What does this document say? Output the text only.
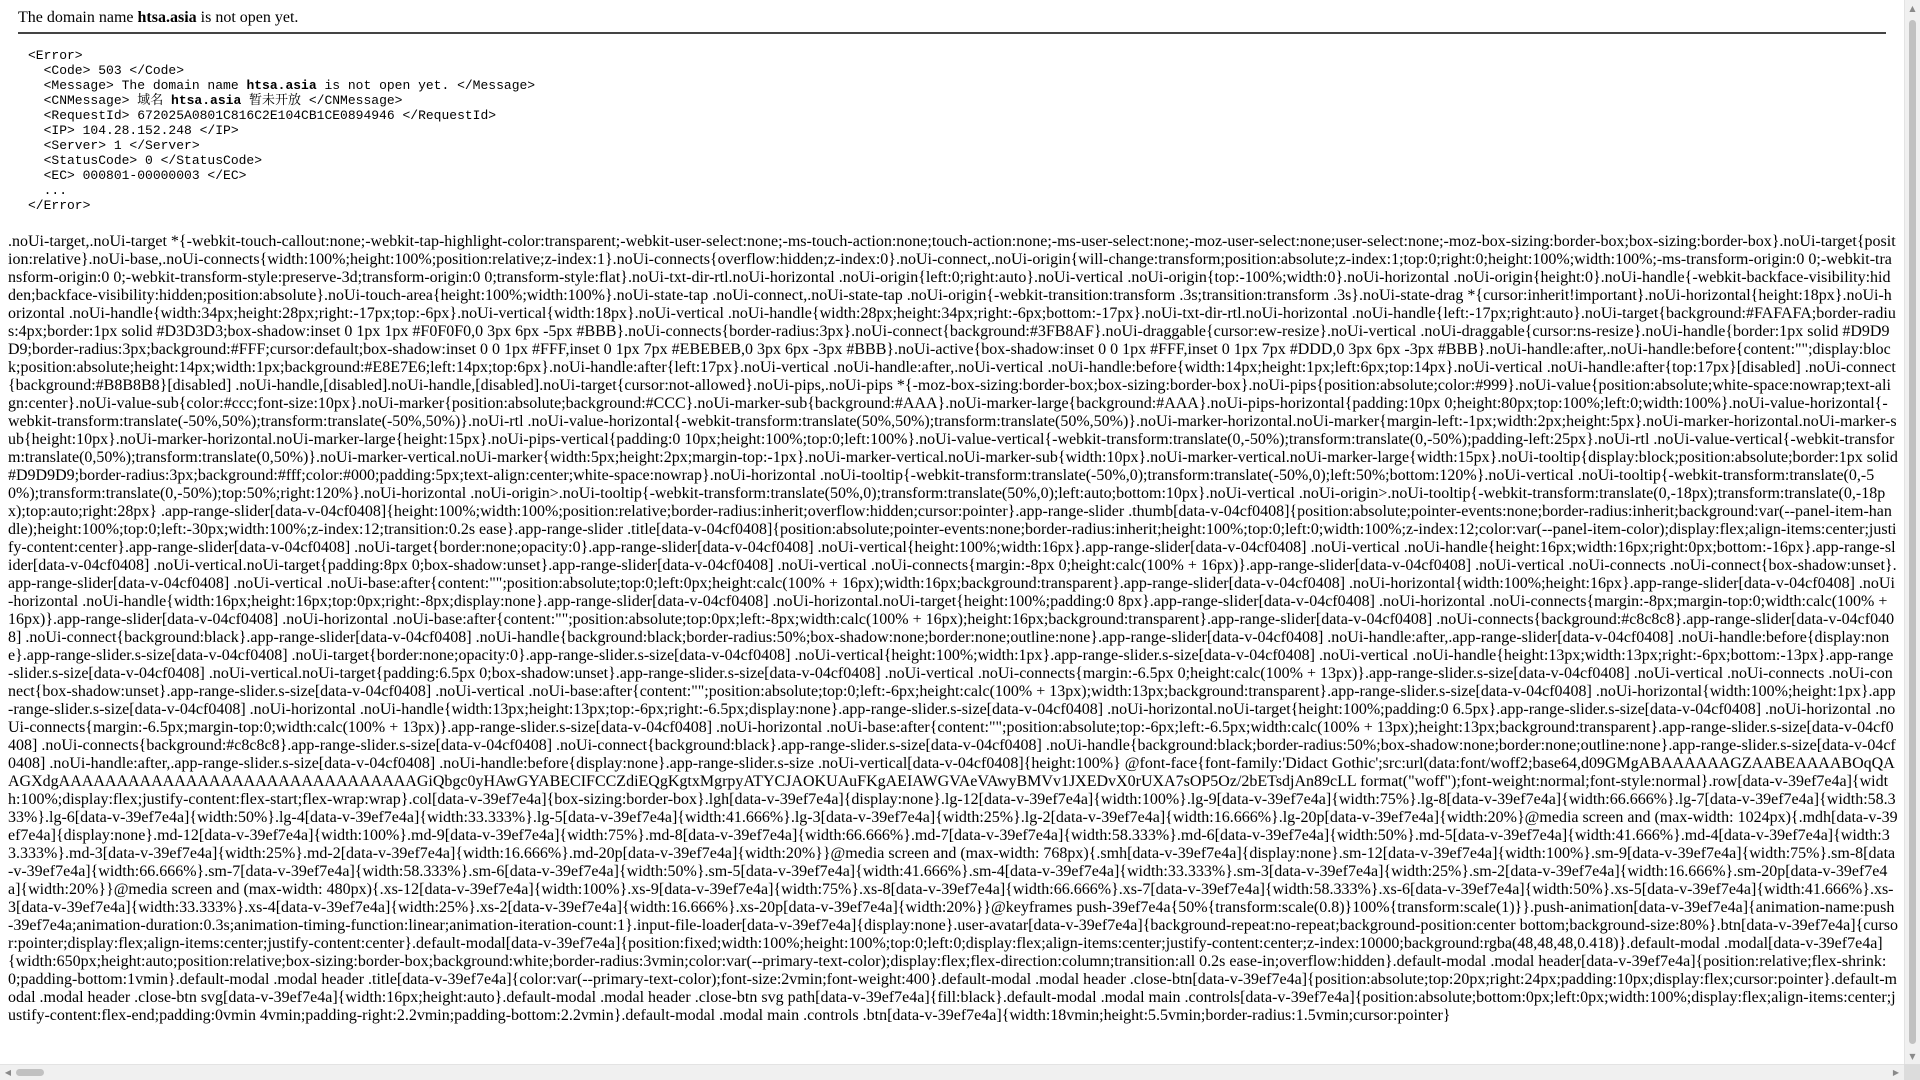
The domain name htsa.asia is not open yet.
<Error>
<Code> 503 </Code>
<Message> The domain name htsa.asia is not open yet. </Message>
<CNMessage> 域名 htsa.asia 暂未开放 </CNMessage>
<RequestId> 672025A0801C816C2E104CB1CE0894946 </RequestId>
<IP> 104.28.152.248 </IP>
<Server> 1 </Server>
<StatusCode> 0 </StatusCode>
<EC> 000801-00000003 </EC>
...
</Error>
.noUi-target,.noUi-target *{-webkit-touch-callout:none;-webkit-tap-highlight-color:transparent;-webkit-user-select:none;-ms-touch-action:none;touch-action:none;-ms-user-select:none;-moz-user-select:none;user-select:none;-moz-box-sizing:border-box;box-sizing:border-box}.noUi-target{position:relative}.noUi-base,.noUi-connects{width:100%;height:100%;position:relative;z-index:1}.noUi-connects{overflow:hidden;z-index:0}.noUi-connect,.noUi-origin{will-change:transform;position:absolute;z-index:1;top:0;right:0;height:100%;width:100%;-ms-transform-origin:0 0;-webkit-transform-origin:0 0;-webkit-transform-style:preserve-3d;transform-origin:0 0;transform-style:flat}.noUi-txt-dir-rtl.noUi-horizontal .noUi-origin{left:0;right:auto}.noUi-vertical .noUi-origin{top:-100%;width:0}.noUi-horizontal .noUi-origin{height:0}.noUi-handle{-webkit-backface-visibility:hidden;backface-visibility:hidden;position:absolute}.noUi-touch-area{height:100%;width:100%}.noUi-state-tap .noUi-connect,.noUi-state-tap .noUi-origin{-webkit-transition:transform .3s;transition:transform .3s}.noUi-state-drag *{cursor:inherit!important}.noUi-horizontal{height:18px}.noUi-horizontal .noUi-handle{width:34px;height:28px;right:-17px;top:-6px}.noUi-vertical{width:18px}.noUi-vertical .noUi-handle{width:28px;height:34px;right:-6px;bottom:-17px}.noUi-txt-dir-rtl.noUi-horizontal .noUi-handle{left:-17px;right:auto}.noUi-target{background:#FAFAFA;border-radius:4px;border:1px solid #D3D3D3;box-shadow:inset 0 1px 1px #F0F0F0,0 3px 6px -5px #BBB}.noUi-connects{border-radius:3px}.noUi-connect{background:#3FB8AF}.noUi-draggable{cursor:ew-resize}.noUi-vertical .noUi-draggable{cursor:ns-resize}.noUi-handle{border:1px solid #D9D9D9;border-radius:3px;background:#FFF;cursor:default;box-shadow:inset 0 0 1px #FFF,inset 0 1px 7px #EBEBEB,0 3px 6px -3px #BBB}.noUi-active{box-shadow:inset 0 0 1px #FFF,inset 0 1px 7px #DDD,0 3px 6px -3px #BBB}.noUi-handle:after,.noUi-handle:before{content:"";display:block;position:absolute;height:14px;width:1px;background:#E8E7E6;left:14px;top:6px}.noUi-handle:after{left:17px}.noUi-vertical .noUi-handle:after,.noUi-vertical .noUi-handle:before{width:14px;height:1px;left:6px;top:14px}.noUi-vertical .noUi-handle:after{top:17px}[disabled] .noUi-connect{background:#B8B8B8}[disabled] .noUi-handle,[disabled].noUi-handle,[disabled].noUi-target{cursor:not-allowed}.noUi-pips,.noUi-pips *{-moz-box-sizing:border-box;box-sizing:border-box}.noUi-pips{position:absolute;color:#999}.noUi-value{position:absolute;white-space:nowrap;text-align:center}.noUi-value-sub{color:#ccc;font-size:10px}.noUi-marker{position:absolute;background:#CCC}.noUi-marker-sub{background:#AAA}.noUi-marker-large{background:#AAA}.noUi-pips-horizontal{padding:10px 0;height:80px;top:100%;left:0;width:100%}.noUi-value-horizontal{-webkit-transform:translate(-50%,50%);transform:translate(-50%,50%)}.noUi-rtl .noUi-value-horizontal{-webkit-transform:translate(50%,50%);transform:translate(50%,50%)}.noUi-marker-horizontal.noUi-marker{margin-left:-1px;width:2px;height:5px}.noUi-marker-horizontal.noUi-marker-sub{height:10px}.noUi-marker-horizontal.noUi-marker-large{height:15px}.noUi-pips-vertical{padding:0 10px;height:100%;top:0;left:100%}.noUi-value-vertical{-webkit-transform:translate(0,-50%);transform:translate(0,-50%);padding-left:25px}.noUi-rtl .noUi-value-vertical{-webkit-transform:translate(0,50%);transform:translate(0,50%)}.noUi-marker-vertical.noUi-marker{width:5px;height:2px;margin-top:-1px}.noUi-marker-vertical.noUi-marker-sub{width:10px}.noUi-marker-vertical.noUi-marker-large{width:15px}.noUi-tooltip{display:block;position:absolute;border:1px solid #D9D9D9;border-radius:3px;background:#fff;color:#000;padding:5px;text-align:center;white-space:nowrap}.noUi-horizontal .noUi-tooltip{-webkit-transform:translate(-50%,0);transform:translate(-50%,0);left:50%;bottom:120%}.noUi-vertical .noUi-tooltip{-webkit-transform:translate(0,-50%);transform:translate(0,-50%);top:50%;right:120%}.noUi-horizontal .noUi-origin>.noUi-tooltip{-webkit-transform:translate(50%,0);transform:translate(50%,0);left:auto;bottom:10px}.noUi-vertical .noUi-origin>.noUi-tooltip{-webkit-transform:translate(0,-18px);transform:translate(0,-18px);top:auto;right:28px} .app-range-slider[data-v-04cf0408]{height:100%;width:100%;position:relative;border-radius:inherit;overflow:hidden;cursor:pointer}.app-range-slider .thumb[data-v-04cf0408]{position:absolute;pointer-events:none;border-radius:inherit;background:var(--panel-item-handle);height:100%;top:0;left:-30px;width:100%;z-index:12;transition:0.2s ease}.app-range-slider .title[data-v-04cf0408]{position:absolute;pointer-events:none;border-radius:inherit;height:100%;top:0;left:0;width:100%;z-index:12;color:var(--panel-item-color);display:flex;align-items:center;justify-content:center}.app-range-slider[data-v-04cf0408] .noUi-target{border:none;opacity:0}.app-range-slider[data-v-04cf0408] .noUi-vertical{height:100%;width:16px}.app-range-slider[data-v-04cf0408] .noUi-vertical .noUi-handle{height:16px;width:16px;right:0px;bottom:-16px}.app-range-slider[data-v-04cf0408] .noUi-vertical.noUi-target{padding:8px 0;box-shadow:unset}.app-range-slider[data-v-04cf0408] .noUi-vertical .noUi-connects{margin:-8px 0;height:calc(100% + 16px)}.app-range-slider[data-v-04cf0408] .noUi-vertical .noUi-connects .noUi-connect{box-shadow:unset}.app-range-slider[data-v-04cf0408] .noUi-vertical .noUi-base:after{content:"";position:absolute;top:0;left:0px;height:calc(100% + 16px);width:16px;background:transparent}.app-range-slider[data-v-04cf0408] .noUi-horizontal{width:100%;height:16px}.app-range-slider[data-v-04cf0408] .noUi-horizontal .noUi-handle{width:16px;height:16px;top:0px;right:-8px;display:none}.app-range-slider[data-v-04cf0408] .noUi-horizontal.noUi-target{height:100%;padding:0 8px}.app-range-slider[data-v-04cf0408] .noUi-horizontal .noUi-connects{margin:-8px;margin-top:0;width:calc(100% + 16px)}.app-range-slider[data-v-04cf0408] .noUi-horizontal .noUi-base:after{content:"";position:absolute;top:0px;left:-8px;width:calc(100% + 16px);height:16px;background:transparent}.app-range-slider[data-v-04cf0408] .noUi-connects{background:#c8c8c8}.app-range-slider[data-v-04cf0408] .noUi-connect{background:black}.app-range-slider[data-v-04cf0408] .noUi-handle{background:black;border-radius:50%;box-shadow:none;border:none;outline:none}.app-range-slider[data-v-04cf0408] .noUi-handle:after,.app-range-slider[data-v-04cf0408] .noUi-handle:before{display:none}.app-range-slider.s-size[data-v-04cf0408] .noUi-target{border:none;opacity:0}.app-range-slider.s-size[data-v-04cf0408] .noUi-vertical{height:100%;width:1px}.app-range-slider.s-size[data-v-04cf0408] .noUi-vertical .noUi-handle{height:13px;width:13px;right:-6px;bottom:-13px}.app-range-slider.s-size[data-v-04cf0408] .noUi-vertical.noUi-target{padding:6.5px 0;box-shadow:unset}.app-range-slider.s-size[data-v-04cf0408] .noUi-vertical .noUi-connects{margin:-6.5px 0;height:calc(100% + 13px)}.app-range-slider.s-size[data-v-04cf0408] .noUi-vertical .noUi-connects .noUi-connect{box-shadow:unset}.app-range-slider.s-size[data-v-04cf0408] .noUi-vertical .noUi-base:after{content:"";position:absolute;top:0;left:-6px;height:calc(100% + 13px);width:13px;background:transparent}.app-range-slider.s-size[data-v-04cf0408] .noUi-horizontal{width:100%;height:1px}.app-range-slider.s-size[data-v-04cf0408] .noUi-horizontal .noUi-handle{width:13px;height:13px;top:-6px;right:-6.5px;display:none}.app-range-slider.s-size[data-v-04cf0408] .noUi-horizontal.noUi-target{height:100%;padding:0 6.5px}.app-range-slider.s-size[data-v-04cf0408] .noUi-horizontal .noUi-connects{margin:-6.5px;margin-top:0;width:calc(100% + 13px)}.app-range-slider.s-size[data-v-04cf0408] .noUi-horizontal .noUi-base:after{content:"";position:absolute;top:-6px;left:-6.5px;width:calc(100% + 13px);height:13px;background:transparent}.app-range-slider.s-size[data-v-04cf0408] .noUi-connects{background:#c8c8c8}.app-range-slider.s-size[data-v-04cf0408] .noUi-connect{background:black}.app-range-slider.s-size[data-v-04cf0408] .noUi-handle{background:black;border-radius:50%;box-shadow:none;border:none;outline:none}.app-range-slider.s-size[data-v-04cf0408] .noUi-handle:after,.app-range-slider.s-size[data-v-04cf0408] .noUi-handle:before{display:none}.app-range-slider.s-size .noUi-vertical[data-v-04cf0408]{height:100%} @font-face{font-family:'Didact Gothic';src:url(data:font/woff2;base64,d09GMgABAAAAAAGZAABEAAAABOqQAAGXdgAAAAAAAAAAAAAAAAAAAAAAAAAAAAAAAGiQbgc0yHAwGYABECIFCCZdiEQgKgtxMgrpyATYCJAOKUAuFKgAEIAWGVAeVAwyBMVv1JXEDvX0rUXA7sOP5Oz/2bETsdjAn89cLL format("woff");font-weight:normal;font-style:normal}.row[data-v-39ef7e4a]{width:100%;display:flex;justify-content:flex-start;flex-wrap:wrap}.col[data-v-39ef7e4a]{box-sizing:border-box}.lgh[data-v-39ef7e4a]{display:none}.lg-12[data-v-39ef7e4a]{width:100%}.lg-9[data-v-39ef7e4a]{width:75%}.lg-8[data-v-39ef7e4a]{width:66.666%}.lg-7[data-v-39ef7e4a]{width:58.333%}.lg-6[data-v-39ef7e4a]{width:50%}.lg-4[data-v-39ef7e4a]{width:33.333%}.lg-5[data-v-39ef7e4a]{width:41.666%}.lg-3[data-v-39ef7e4a]{width:25%}.lg-2[data-v-39ef7e4a]{width:16.666%}.lg-20p[data-v-39ef7e4a]{width:20%}@media screen and (max-width: 1024px){.mdh[data-v-39ef7e4a]{display:none}.md-12[data-v-39ef7e4a]{width:100%}.md-9[data-v-39ef7e4a]{width:75%}.md-8[data-v-39ef7e4a]{width:66.666%}.md-7[data-v-39ef7e4a]{width:58.333%}.md-6[data-v-39ef7e4a]{width:50%}.md-5[data-v-39ef7e4a]{width:41.666%}.md-4[data-v-39ef7e4a]{width:33.333%}.md-3[data-v-39ef7e4a]{width:25%}.md-2[data-v-39ef7e4a]{width:16.666%}.md-20p[data-v-39ef7e4a]{width:20%}}@media screen and (max-width: 768px){.smh[data-v-39ef7e4a]{display:none}.sm-12[data-v-39ef7e4a]{width:100%}.sm-9[data-v-39ef7e4a]{width:75%}.sm-8[data-v-39ef7e4a]{width:66.666%}.sm-7[data-v-39ef7e4a]{width:58.333%}.sm-6[data-v-39ef7e4a]{width:50%}.sm-5[data-v-39ef7e4a]{width:41.666%}.sm-4[data-v-39ef7e4a]{width:33.333%}.sm-3[data-v-39ef7e4a]{width:25%}.sm-2[data-v-39ef7e4a]{width:16.666%}.sm-20p[data-v-39ef7e4a]{width:20%}}@media screen and (max-width: 480px){.xs-12[data-v-39ef7e4a]{width:100%}.xs-9[data-v-39ef7e4a]{width:75%}.xs-8[data-v-39ef7e4a]{width:66.666%}.xs-7[data-v-39ef7e4a]{width:58.333%}.xs-6[data-v-39ef7e4a]{width:50%}.xs-5[data-v-39ef7e4a]{width:41.666%}.xs-3[data-v-39ef7e4a]{width:33.333%}.xs-4[data-v-39ef7e4a]{width:25%}.xs-2[data-v-39ef7e4a]{width:16.666%}.xs-20p[data-v-39ef7e4a]{width:20%}}@keyframes push-39ef7e4a{50%{transform:scale(0.8)}100%{transform:scale(1)}}.push-animation[data-v-39ef7e4a]{animation-name:push-39ef7e4a;animation-duration:0.3s;animation-timing-function:linear;animation-iteration-count:1}.input-file-loader[data-v-39ef7e4a]{display:none}.user-avatar[data-v-39ef7e4a]{background-repeat:no-repeat;background-position:center bottom;background-size:80%}.btn[data-v-39ef7e4a]{cursor:pointer;display:flex;align-items:center;justify-content:center}.default-modal[data-v-39ef7e4a]{position:fixed;width:100%;height:100%;top:0;left:0;display:flex;align-items:center;justify-content:center;z-index:10000;background:rgba(48,48,48,0.418)}.default-modal .modal[data-v-39ef7e4a]{width:650px;height:auto;position:relative;box-sizing:border-box;background:white;border-radius:3vmin;color:var(--primary-text-color);display:flex;flex-direction:column;transition:all 0.2s ease-in;overflow:hidden}.default-modal .modal header[data-v-39ef7e4a]{position:relative;flex-shrink:0;padding-bottom:1vmin}.default-modal .modal header .title[data-v-39ef7e4a]{color:var(--primary-text-color);font-size:2vmin;font-weight:400}.default-modal .modal header .close-btn[data-v-39ef7e4a]{position:absolute;top:20px;right:24px;padding:10px;display:flex;cursor:pointer}.default-modal .modal header .close-btn svg[data-v-39ef7e4a]{width:16px;height:auto}.default-modal .modal header .close-btn svg path[data-v-39ef7e4a]{fill:black}.default-modal .modal main .controls[data-v-39ef7e4a]{position:absolute;bottom:0px;left:0px;width:100%;display:flex;align-items:center;justify-content:flex-end;padding:0vmin 4vmin;padding-right:2.2vmin;padding-bottom:2.2vmin}.default-modal .modal main .controls .btn[data-v-39ef7e4a]{width:18vmin;height:5.5vmin;border-radius:1.5vmin;cursor:pointer}
▲
▼
◀	▶
